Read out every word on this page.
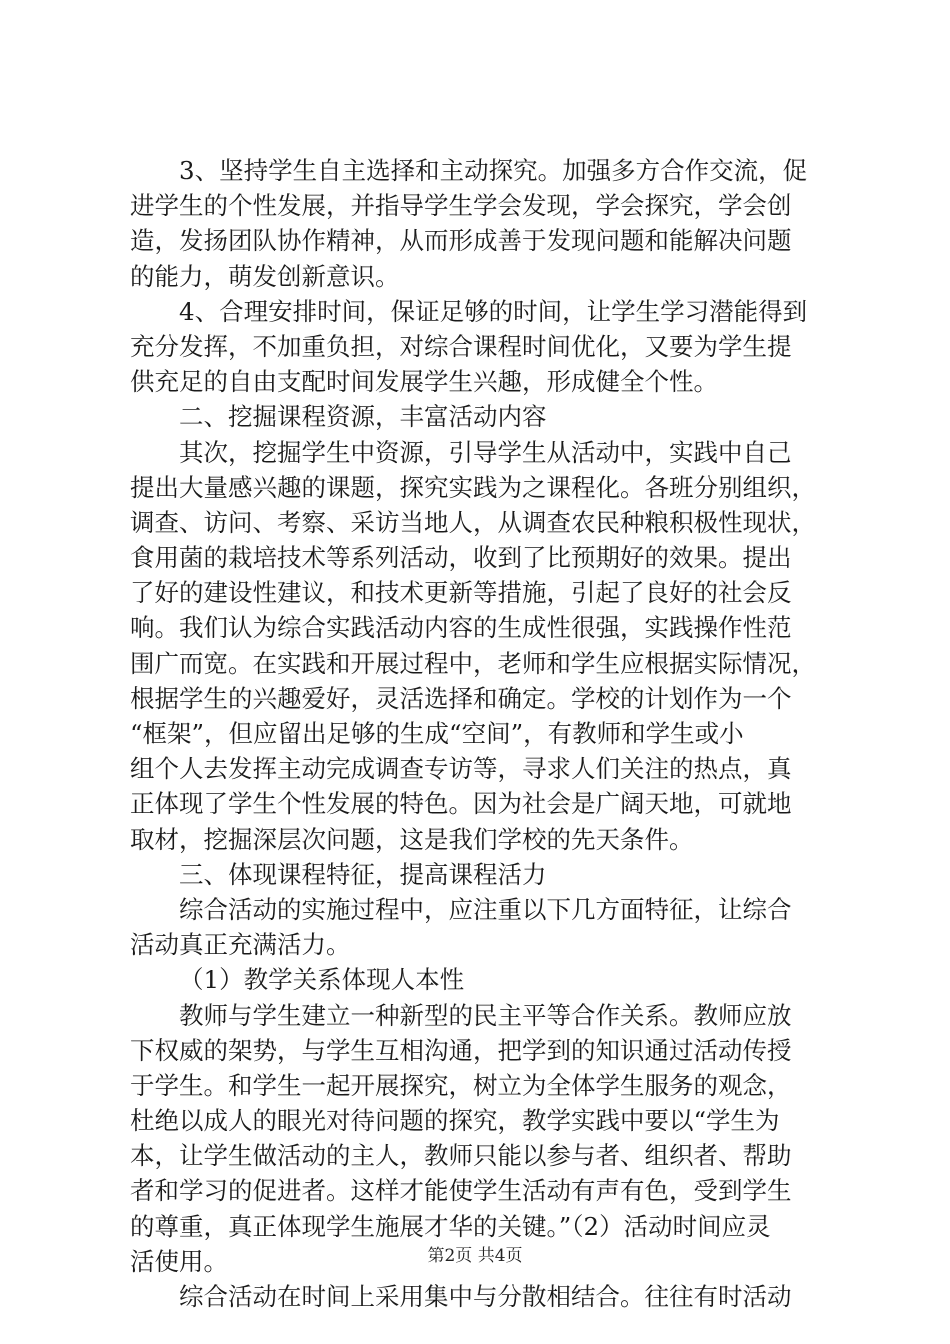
3、坚持学生自主选择和主动探究。加强多方合作交流，促
进学生的个性发展，并指导学生学会发现，学会探究，学会创
造，发扬团队协作精神，从而形成善于发现问题和能解决问题
的能力，萌发创新意识。
4、合理安排时间，保证足够的时间，让学生学习潜能得到
充分发挥，不加重负担，对综合课程时间优化，又要为学生提
供充足的自由支配时间发展学生兴趣，形成健全个性。
二、挖掘课程资源，丰富活动内容
其次，挖掘学生中资源，引导学生从活动中，实践中自己
提出大量感兴趣的课题，探究实践为之课程化。各班分别组织，
调查、访问、考察、采访当地人，从调查农民种粮积极性现状，
食用菌的栽培技术等系列活动，收到了比预期好的效果。提出
了好的建设性建议，和技术更新等措施，引起了良好的社会反
响。我们认为综合实践活动内容的生成性很强，实践操作性范
围广而宽。在实践和开展过程中，老师和学生应根据实际情况，
根据学生的兴趣爱好，灵活选择和确定。学校的计划作为一个
“框架”，但应留出足够的生成“空间”，有教师和学生或小
组个人去发挥主动完成调查专访等，寻求人们关注的热点，真
正体现了学生个性发展的特色。因为社会是广阔天地，可就地
取材，挖掘深层次问题，这是我们学校的先天条件。
三、体现课程特征，提高课程活力
综合活动的实施过程中，应注重以下几方面特征，让综合
活动真正充满活力。
（1）教学关系体现人本性
教师与学生建立一种新型的民主平等合作关系。教师应放
下权威的架势，与学生互相沟通，把学到的知识通过活动传授
于学生。和学生一起开展探究，树立为全体学生服务的观念，
杜绝以成人的眼光对待问题的探究，教学实践中要以“学生为
本，让学生做活动的主人，教师只能以参与者、组织者、帮助
者和学习的促进者。这样才能使学生活动有声有色，受到学生
的尊重，真正体现学生施展才华的关键。”（2）活动时间应灵
活使用。
综合活动在时间上采用集中与分散相结合。往往有时活动
第2页 共4页
